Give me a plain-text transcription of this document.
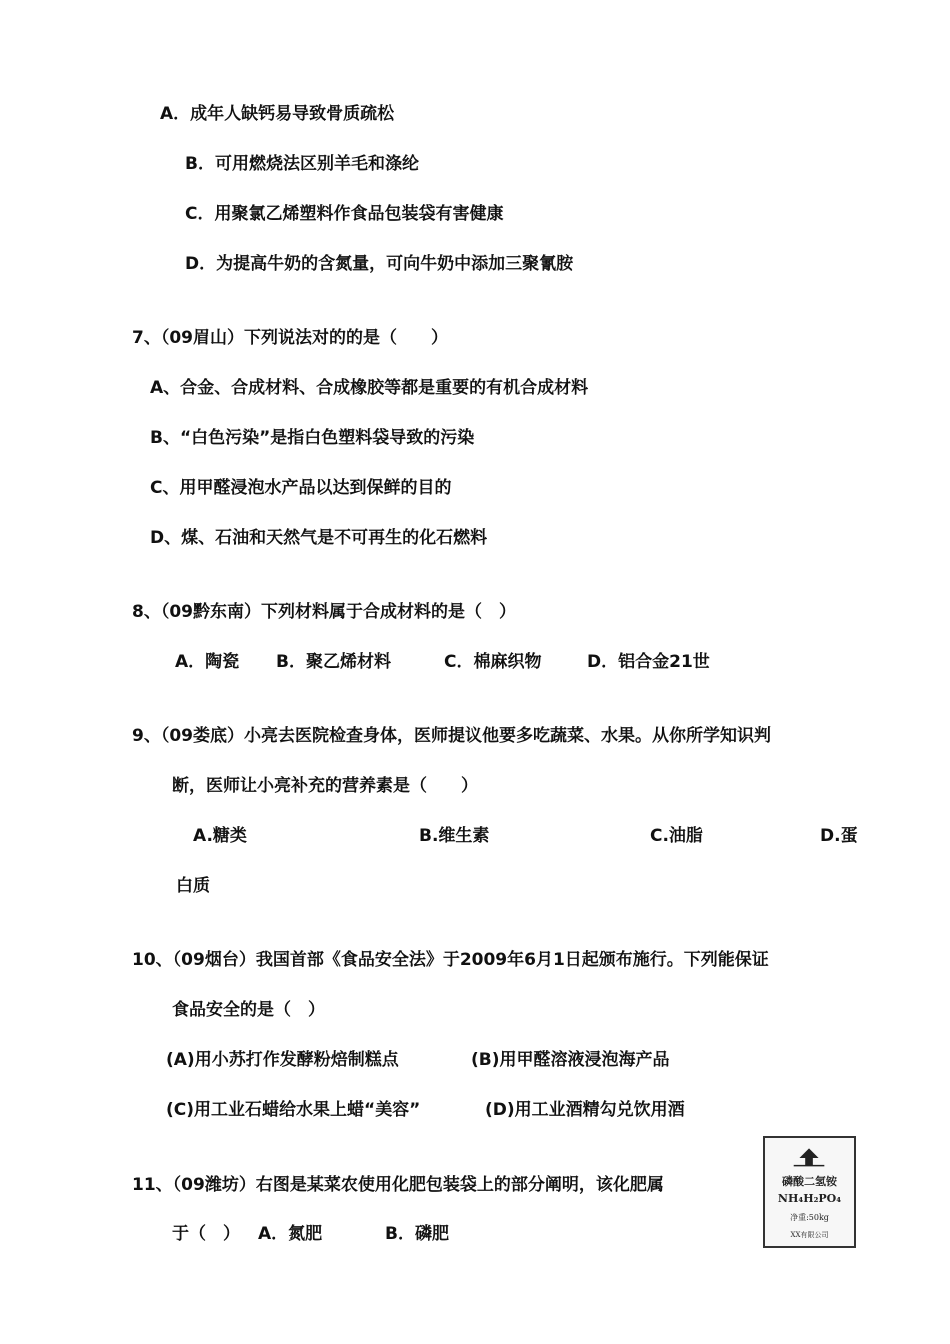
A．成年人缺钙易导致骨质疏松
B．可用燃烧法区别羊毛和涤纶
C．用聚氯乙烯塑料作食品包装袋有害健康
D．为提高牛奶的含氮量，可向牛奶中添加三聚氰胺
7、（09眉山）下列说法对的的是（　　）
A、合金、合成材料、合成橡胶等都是重要的有机合成材料
B、“白色污染”是指白色塑料袋导致的污染
C、用甲醛浸泡水产品以达到保鲜的目的
D、煤、石油和天然气是不可再生的化石燃料
8、（09黔东南）下列材料属于合成材料的是（　）
A．陶瓷 B．聚乙烯材料	C．棉麻织物	D．铝合金21世
9、（09娄底）小亮去医院检查身体，医师提议他要多吃蔬菜、水果。从你所学知识判
断，医师让小亮补充的营养素是（　　）
A.糖类	B.维生素	C.油脂	D.蛋
白质
10、（09烟台）我国首部《食品安全法》于2009年6月1日起颁布施行。下列能保证
食品安全的是（　）
(A)用小苏打作发酵粉焙制糕点	(B)用甲醛溶液浸泡海产品
(C)用工业石蜡给水果上蜡“美容”	(D)用工业酒精勾兑饮用酒
11、（09潍坊）右图是某菜农使用化肥包装袋上的部分阐明，该化肥属
于（　） A．氮肥	B．磷肥
磷酸二氢铵
NH₄H₂PO₄
净重:50kg
XX有限公司
